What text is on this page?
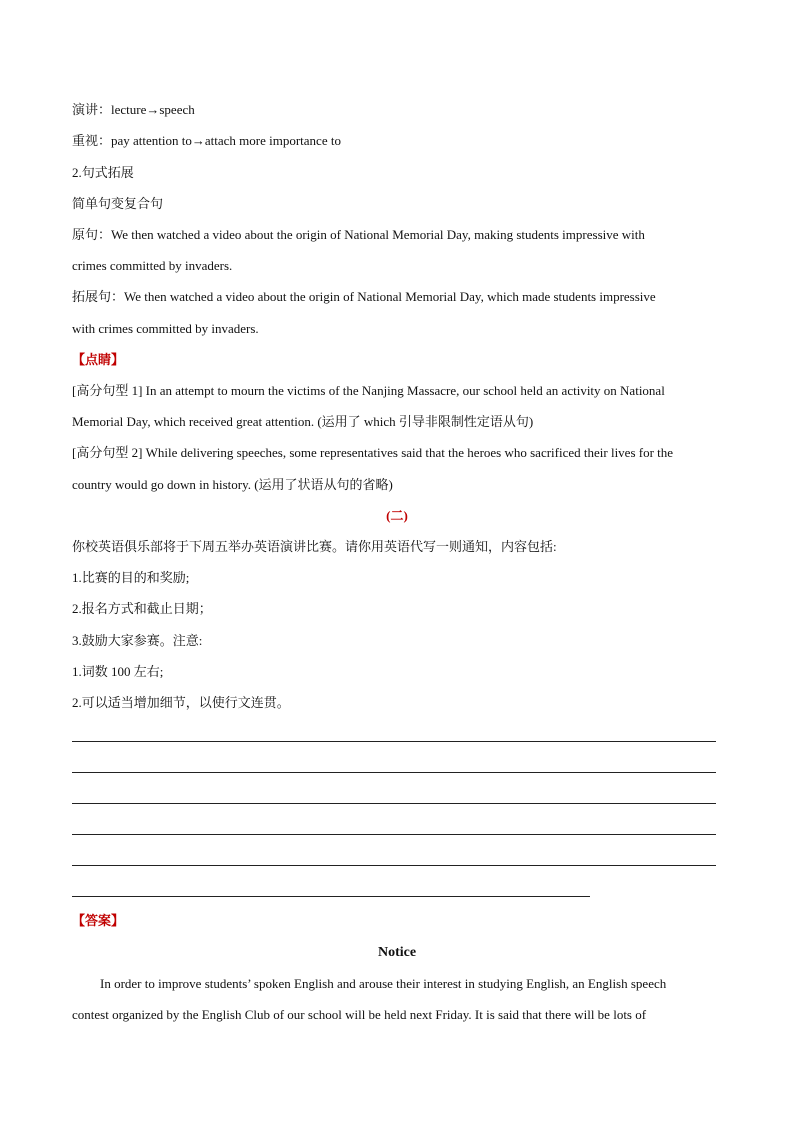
演讲：lecture→speech
重视：pay attention to→attach more importance to
2.句式拓展
简单句变复合句
原句：We then watched a video about the origin of National Memorial Day, making students impressive with
crimes committed by invaders.
拓展句：We then watched a video about the origin of National Memorial Day, which made students impressive
with crimes committed by invaders.
【点睛】
[高分句型 1] In an attempt to mourn the victims of the Nanjing Massacre, our school held an activity on National
Memorial Day, which received great attention. (运用了 which 引导非限制性定语从句)
[高分句型 2] While delivering speeches, some representatives said that the heroes who sacrificed their lives for the
country would go down in history. (运用了状语从句的省略)
(二)
你校英语俱乐部将于下周五举办英语演讲比赛。请你用英语代写一则通知，内容包括:
1.比赛的目的和奖励;
2.报名方式和截止日期；
3.鼓励大家参赛。注意:
1.词数 100 左右;
2.可以适当增加细节，以使行文连贯。
【答案】
Notice
In order to improve students’ spoken English and arouse their interest in studying English, an English speech
contest organized by the English Club of our school will be held next Friday. It is said that there will be lots of
